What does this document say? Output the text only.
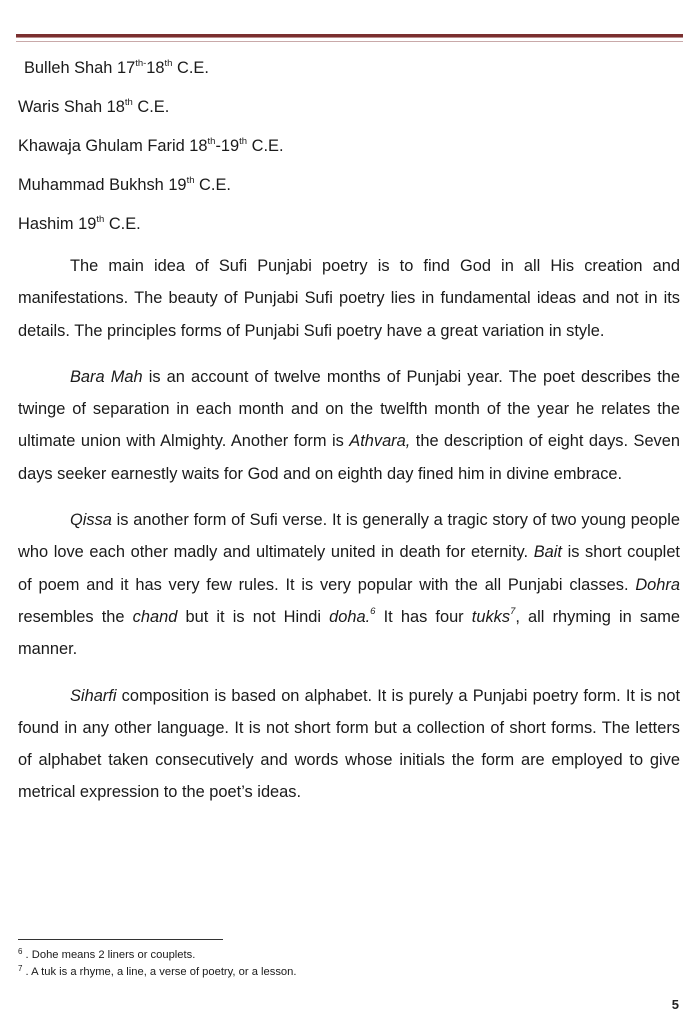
Bulleh Shah $17^{th-}18th$ C.E.
Waris Shah 18th C.E.
Khawaja Ghulam Farid 18th-19th C.E.
Muhammad Bukhsh 19th C.E.
Hashim 19th C.E.

The main idea of Sufi Punjabi poetry is to find God in all His creation and manifestations. The beauty of Punjabi Sufi poetry lies in fundamental ideas and not in its details. The principles forms of Punjabi Sufi poetry have a great variation in style.

Bara Mah is an account of twelve months of Punjabi year. The poet describes the twinge of separation in each month and on the twelfth month of the year he relates the ultimate union with Almighty. Another form is Athvara, the description of eight days. Seven days seeker earnestly waits for God and on eighth day fined him in divine embrace.

Qissa is another form of Sufi verse. It is generally a tragic story of two young people who love each other madly and ultimately united in death for eternity. Bait is short couplet of poem and it has very few rules. It is very popular with the all Punjabi classes. Dohra resembles the chand but it is not Hindi doha.$^6$ It has four tukks$^7$, all rhyming in same manner.

Siharfi composition is based on alphabet. It is purely a Punjabi poetry form. It is not found in any other language. It is not short form but a collection of short forms. The letters of alphabet taken consecutively and words whose initials the form are employed to give metrical expression to the poet’s ideas.

$^6$ . Dohe means 2 liners or couplets.
$^7$ . A tuk is a rhyme, a line, a verse of poetry, or a lesson.
5
